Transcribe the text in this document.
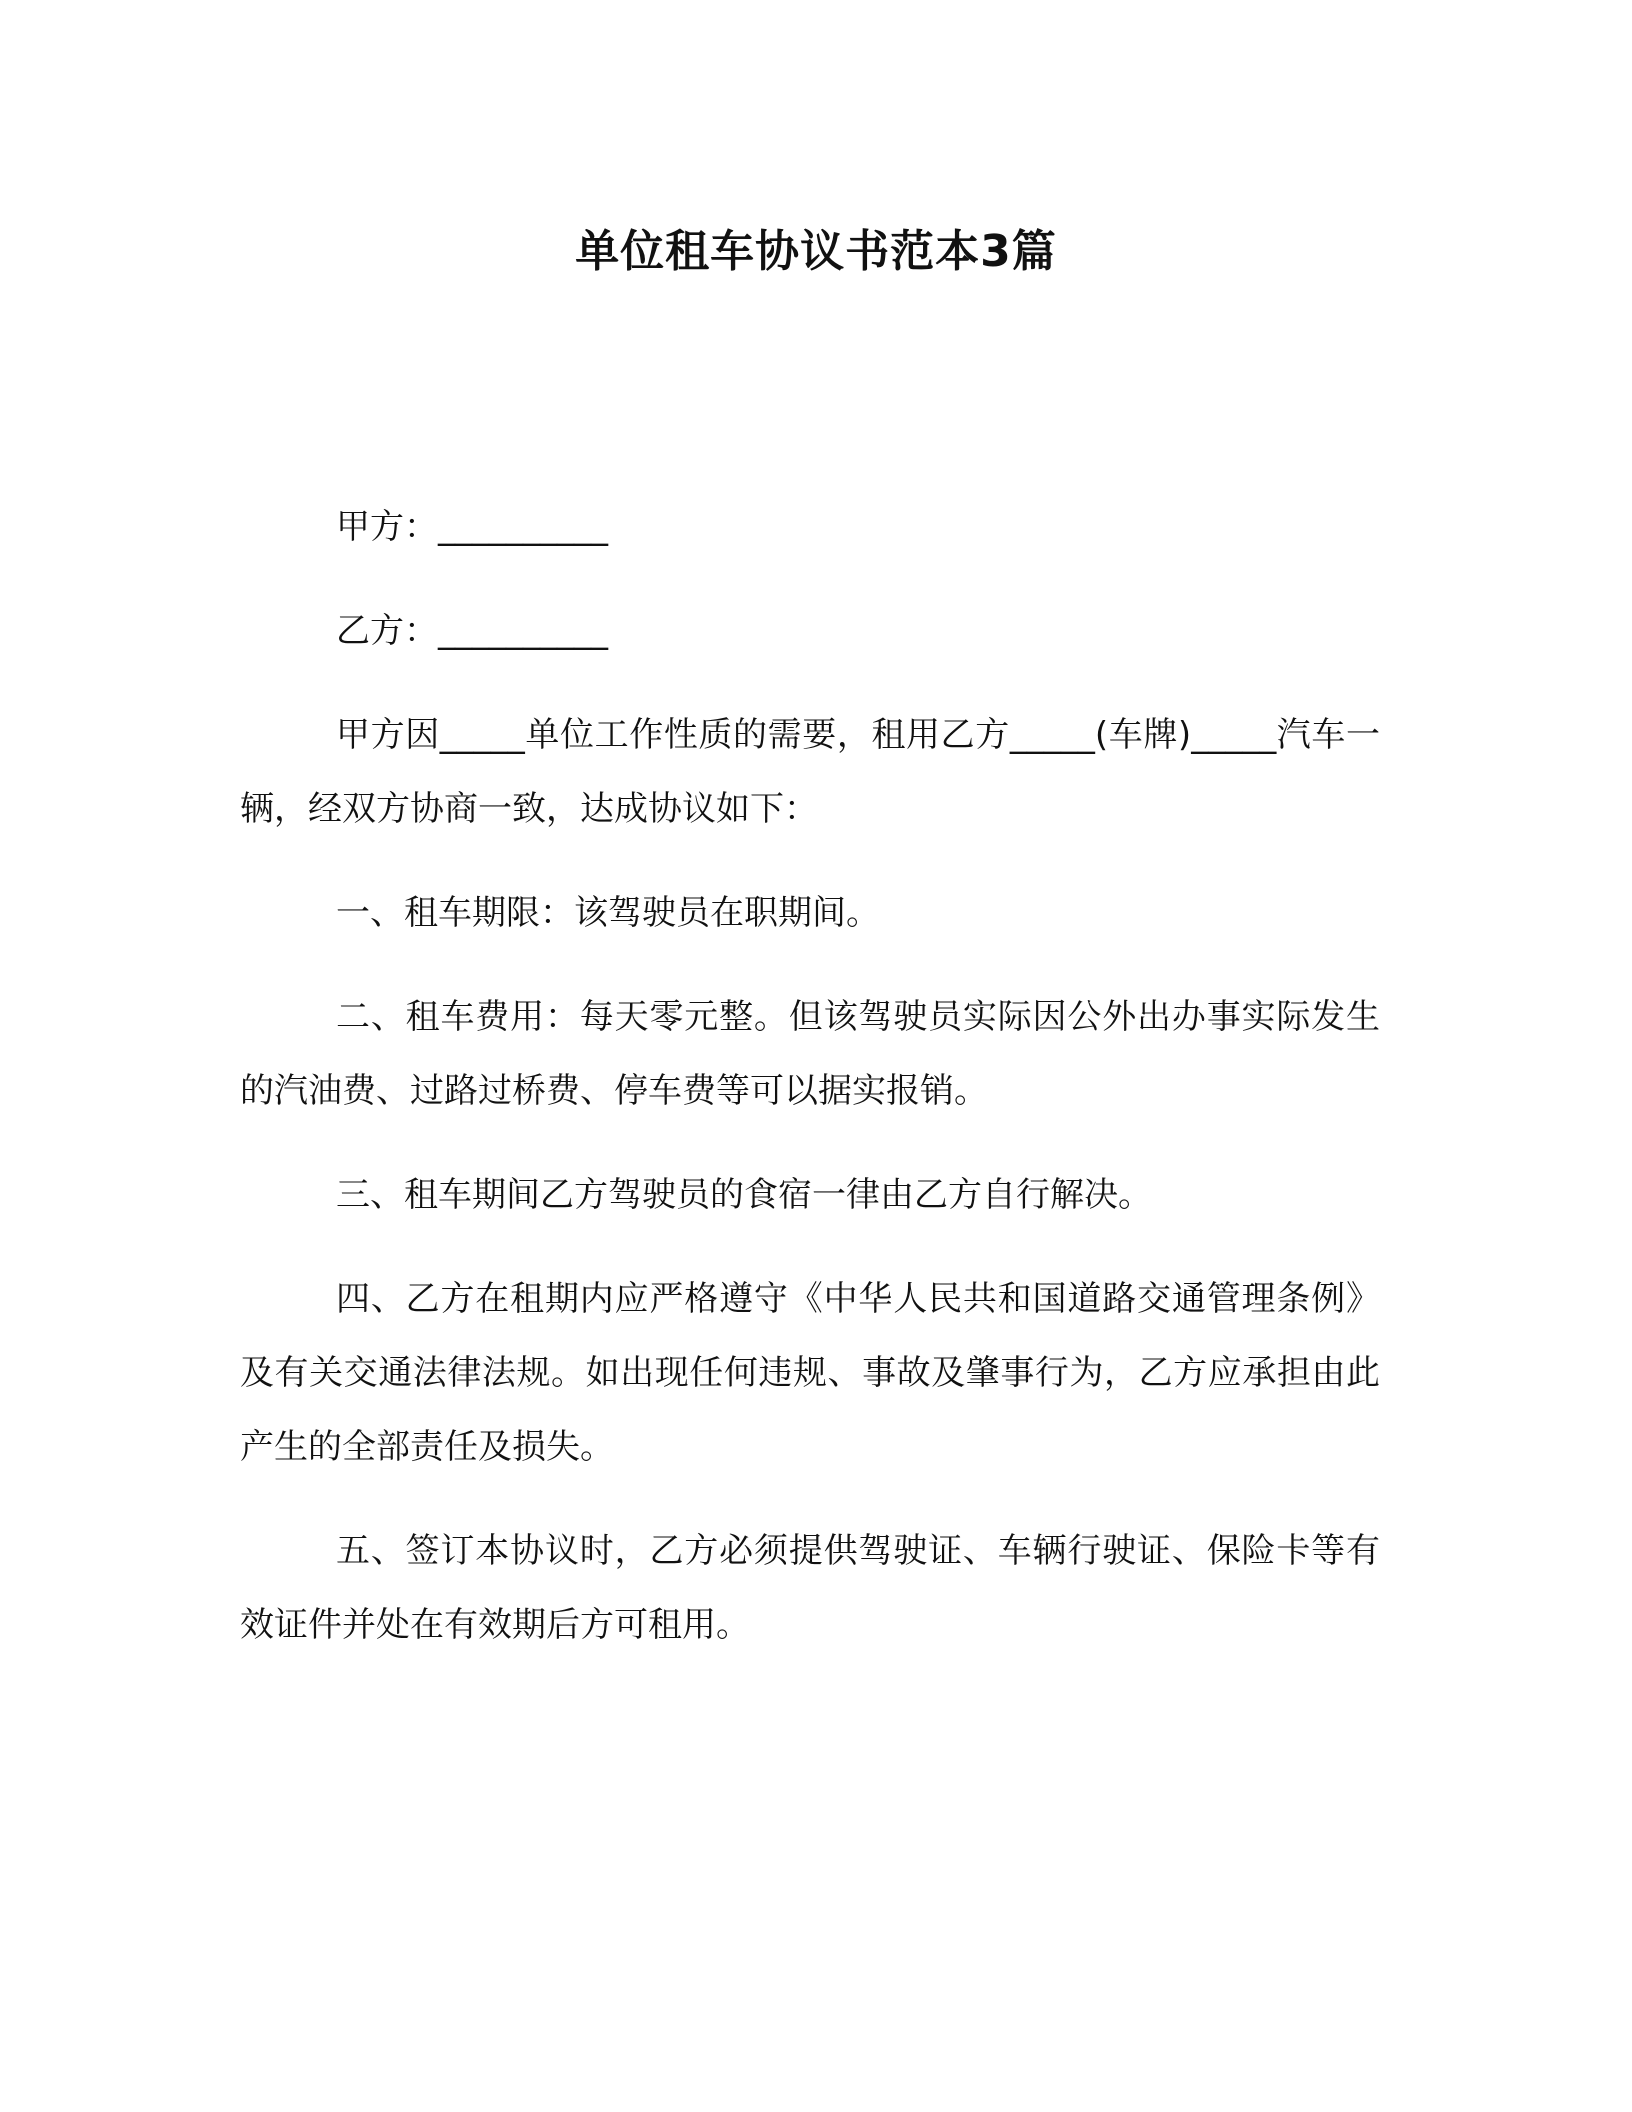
单位租车协议书范本3篇

甲方：__________

乙方：__________

甲方因_____单位工作性质的需要，租用乙方_____(车牌)_____汽车一辆，经双方协商一致，达成协议如下：

一、租车期限：该驾驶员在职期间。

二、租车费用：每天零元整。但该驾驶员实际因公外出办事实际发生的汽油费、过路过桥费、停车费等可以据实报销。

三、租车期间乙方驾驶员的食宿一律由乙方自行解决。

四、乙方在租期内应严格遵守《中华人民共和国道路交通管理条例》及有关交通法律法规。如出现任何违规、事故及肇事行为，乙方应承担由此产生的全部责任及损失。

五、签订本协议时，乙方必须提供驾驶证、车辆行驶证、保险卡等有效证件并处在有效期后方可租用。
